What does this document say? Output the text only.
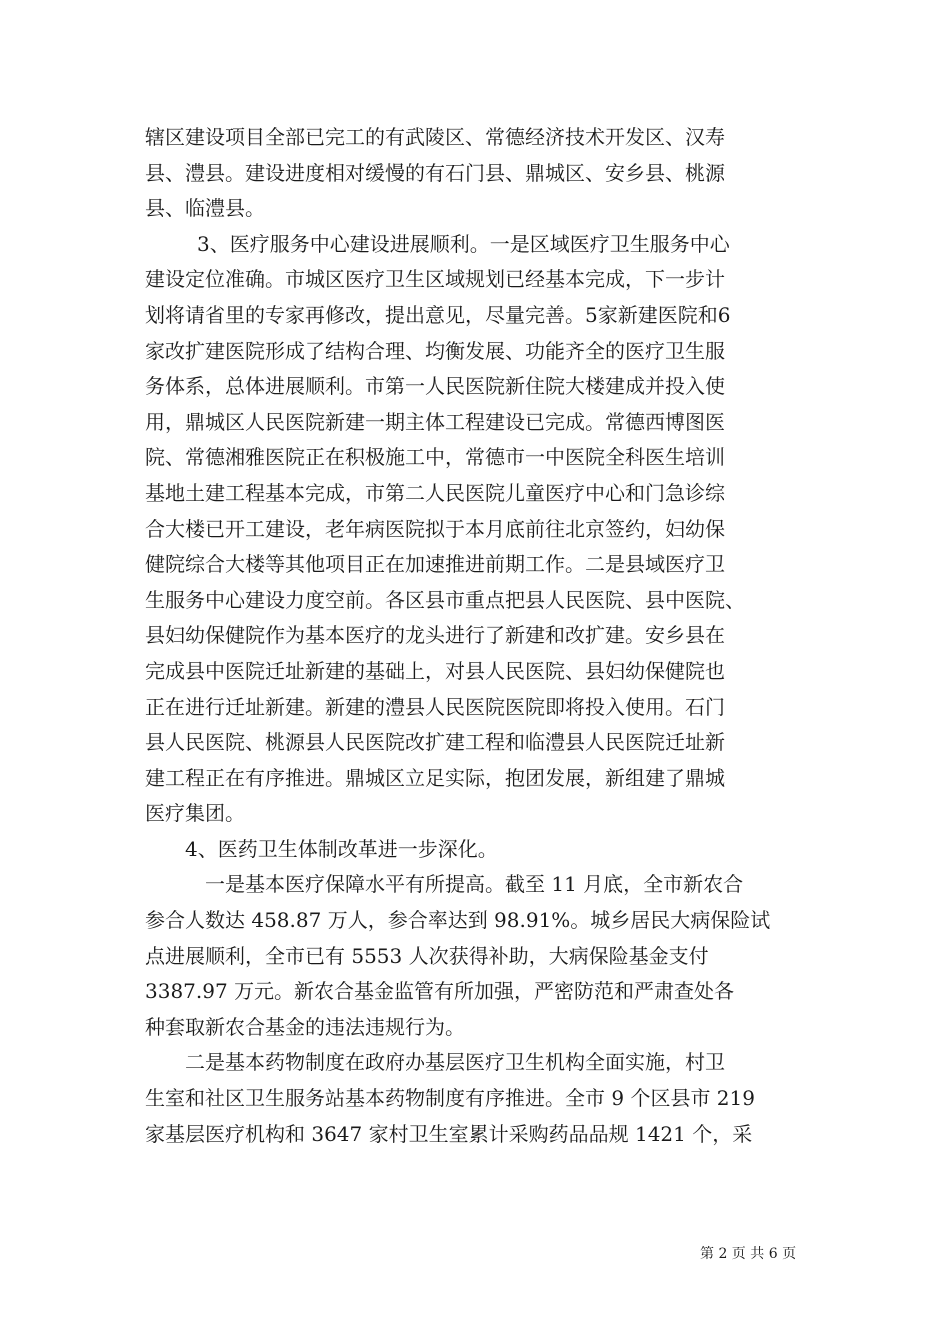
辖区建设项目全部已完工的有武陵区、常德经济技术开发区、汉寿
县、澧县。建设进度相对缓慢的有石门县、鼎城区、安乡县、桃源
县、临澧县。
3、医疗服务中心建设进展顺利。一是区域医疗卫生服务中心
建设定位准确。市城区医疗卫生区域规划已经基本完成，下一步计
划将请省里的专家再修改，提出意见，尽量完善。5家新建医院和6
家改扩建医院形成了结构合理、均衡发展、功能齐全的医疗卫生服
务体系，总体进展顺利。市第一人民医院新住院大楼建成并投入使
用，鼎城区人民医院新建一期主体工程建设已完成。常德西博图医
院、常德湘雅医院正在积极施工中，常德市一中医院全科医生培训
基地土建工程基本完成，市第二人民医院儿童医疗中心和门急诊综
合大楼已开工建设，老年病医院拟于本月底前往北京签约，妇幼保
健院综合大楼等其他项目正在加速推进前期工作。二是县域医疗卫
生服务中心建设力度空前。各区县市重点把县人民医院、县中医院、
县妇幼保健院作为基本医疗的龙头进行了新建和改扩建。安乡县在
完成县中医院迁址新建的基础上，对县人民医院、县妇幼保健院也
正在进行迁址新建。新建的澧县人民医院医院即将投入使用。石门
县人民医院、桃源县人民医院改扩建工程和临澧县人民医院迁址新
建工程正在有序推进。鼎城区立足实际，抱团发展，新组建了鼎城
医疗集团。
4、医药卫生体制改革进一步深化。
一是基本医疗保障水平有所提高。截至 11 月底，全市新农合
参合人数达 458.87 万人，参合率达到 98.91%。城乡居民大病保险试
点进展顺利，全市已有 5553 人次获得补助，大病保险基金支付
3387.97 万元。新农合基金监管有所加强，严密防范和严肃查处各
种套取新农合基金的违法违规行为。
二是基本药物制度在政府办基层医疗卫生机构全面实施，村卫
生室和社区卫生服务站基本药物制度有序推进。全市 9 个区县市 219
家基层医疗机构和 3647 家村卫生室累计采购药品品规 1421 个，采
第 2 页 共 6 页
